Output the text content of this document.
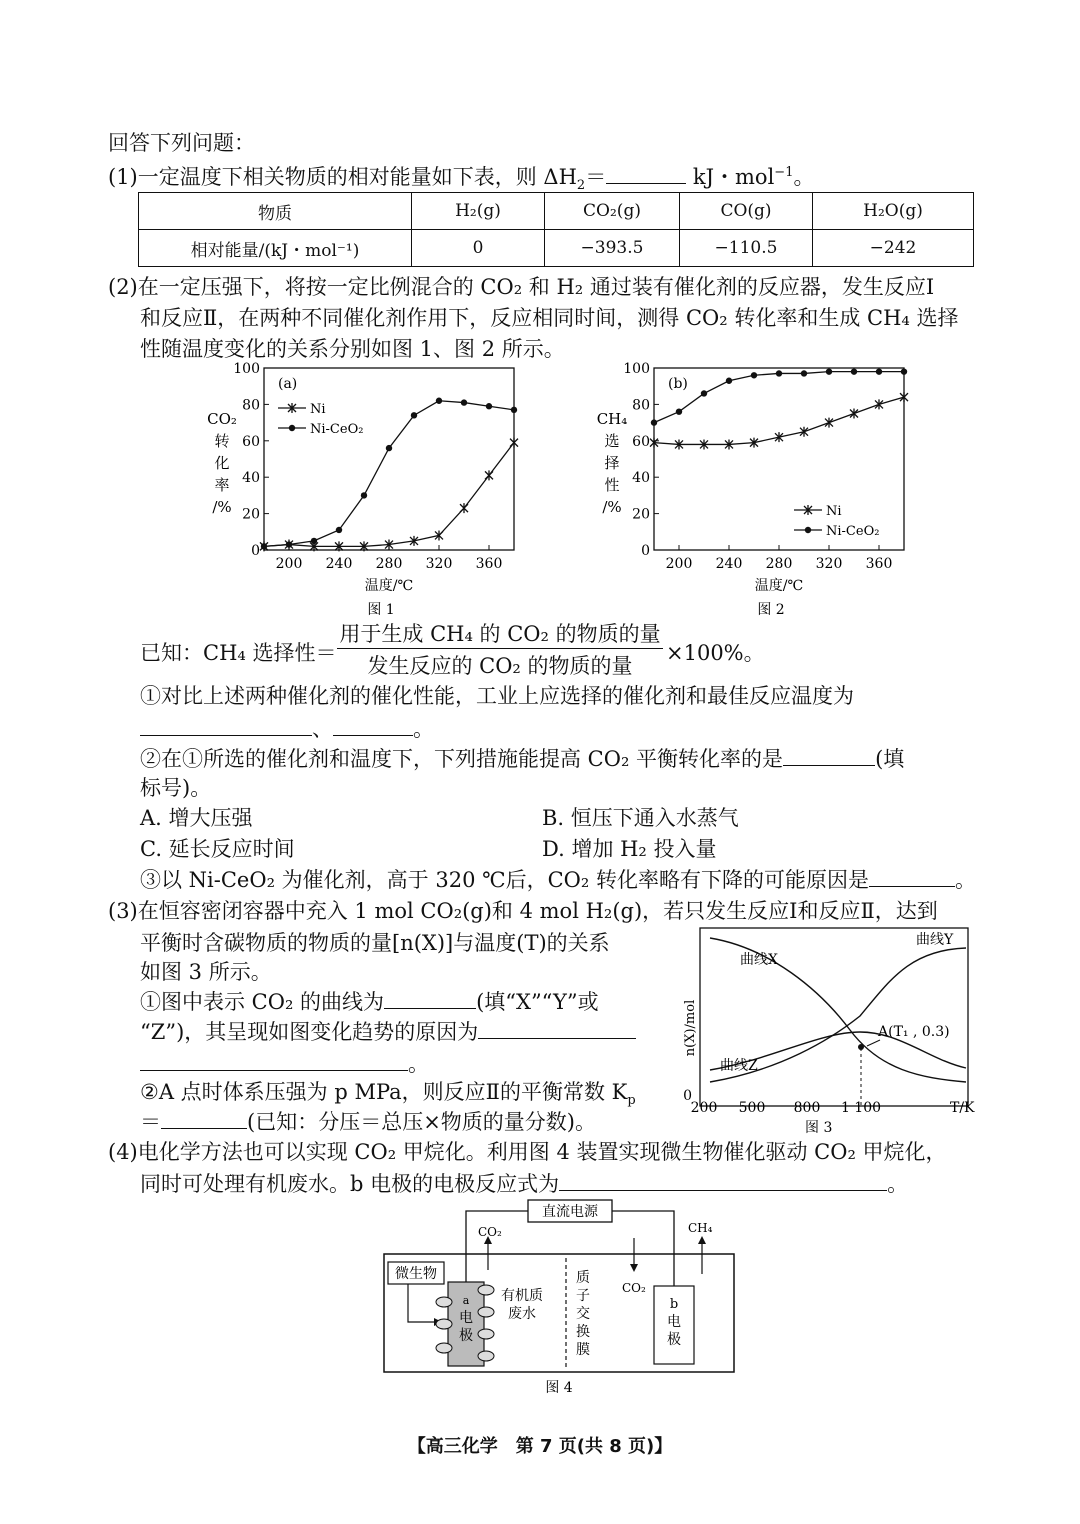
回答下列问题：
(1)一定温度下相关物质的相对能量如下表，则 $\Delta H_2=$	kJ・mol$^{-1}$。
物质	H₂(g)	CO₂(g)	CO(g)	H₂O(g)
相对能量/(kJ・mol⁻¹)	0	−393.5	−110.5	−242
(2)在一定压强下，将按一定比例混合的 CO₂ 和 H₂ 通过装有催化剂的反应器，发生反应Ⅰ
和反应Ⅱ，在两种不同催化剂作用下，反应相同时间，测得 CO₂ 转化率和生成 CH₄ 选择
性随温度变化的关系分别如图 1、图 2 所示。
0
20
40
60
80
100
200 240 280 320 360
温度/℃
图 1
CO₂
转
化
率
/%
(a)
Ni
Ni-CeO₂
0
20
40
60
80
100
200 240 280 320 360
温度/℃
图 2
CH₄
选
择
性
/%
(b)
Ni
Ni-CeO₂
已知：CH₄ 选择性＝
用于生成 CH₄ 的 CO₂ 的物质的量
发生反应的 CO₂ 的物质的量
×100%。
①对比上述两种催化剂的催化性能，工业上应选择的催化剂和最佳反应温度为
、	。
②在①所选的催化剂和温度下，下列措施能提高 CO₂ 平衡转化率的是	(填
标号)。
A. 增大压强	B. 恒压下通入水蒸气
C. 延长反应时间	D. 增加 H₂ 投入量
③以 Ni-CeO₂ 为催化剂，高于 320 ℃后，CO₂ 转化率略有下降的可能原因是	。
(3)在恒容密闭容器中充入 1 mol CO₂(g)和 4 mol H₂(g)，若只发生反应Ⅰ和反应Ⅱ，达到
平衡时含碳物质的物质的量[n(X)]与温度(T)的关系
如图 3 所示。
①图中表示 CO₂ 的曲线为	(填“X”“Y”或
“Z”)，其呈现如图变化趋势的原因为
。
②A 点时体系压强为 p MPa，则反应Ⅱ的平衡常数 $K_p$
＝	(已知：分压＝总压×物质的量分数)。
A(T₁ , 0.3)
曲线X
曲线Y
曲线Z
0
n(X)/mol
200 500 800 1 100	T/K
图 3
(4)电化学方法也可以实现 CO₂ 甲烷化。利用图 4 装置实现微生物催化驱动 CO₂ 甲烷化，
同时可处理有机废水。b 电极的电极反应式为	。
直流电源
CO₂
CO₂
CH₄
微生物
a
电
极
有机质
废水
质
子
交
换
膜
b
电
极
图 4
【高三化学　第 7 页(共 8 页)】
